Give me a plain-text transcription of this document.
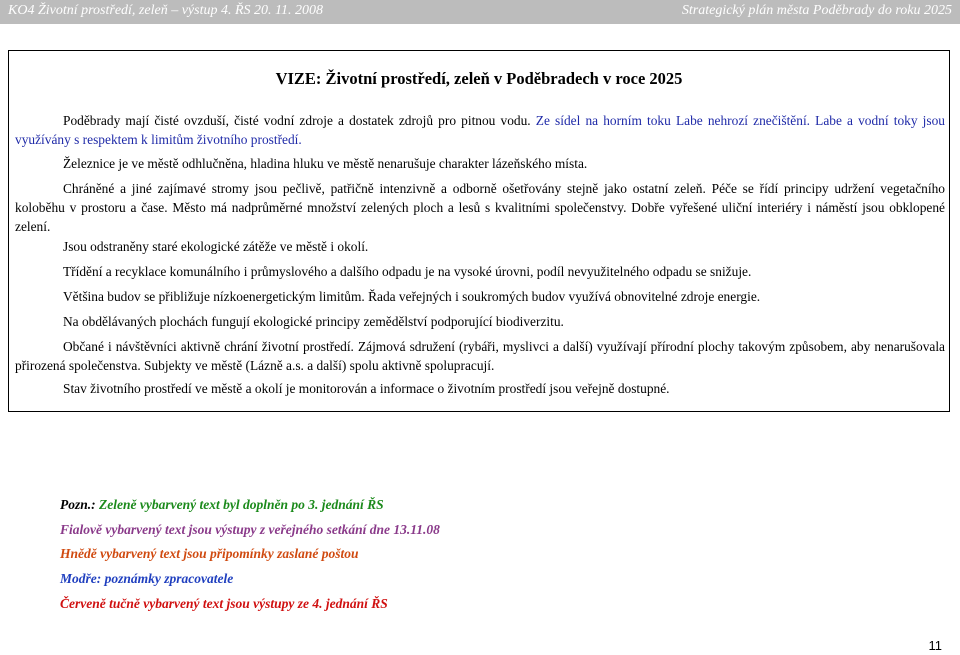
KO4 Životní prostředí, zeleň – výstup 4. ŘS 20. 11. 2008	Strategický plán města Poděbrady do roku 2025
VIZE: Životní prostředí, zeleň v Poděbradech v roce 2025
Poděbrady mají čisté ovzduší, čisté vodní zdroje a dostatek zdrojů pro pitnou vodu. Ze sídel na horním toku Labe nehrozí znečištění. Labe a vodní toky jsou využívány s respektem k limitům životního prostředí.
Železnice je ve městě odhlučněna, hladina hluku ve městě nenarušuje charakter lázeňského místa.
Chráněné a jiné zajímavé stromy jsou pečlivě, patřičně intenzivně a odborně ošetřovány stejně jako ostatní zeleň. Péče se řídí principy udržení vegetačního koloběhu v prostoru a čase. Město má nadprůměrné množství zelených ploch a lesů s kvalitními společenstvy. Dobře vyřešené uliční interiéry i náměstí jsou obklopené zelení.
Jsou odstraněny staré ekologické zátěže ve městě i okolí.
Třídění a recyklace komunálního i průmyslového a dalšího odpadu je na vysoké úrovni, podíl nevyužitelného odpadu se snižuje.
Většina budov se přibližuje nízkoenergetickým limitům. Řada veřejných i soukromých budov využívá obnovitelné zdroje energie.
Na obdělávaných plochách fungují ekologické principy zemědělství podporující biodiverzitu.
Občané i návštěvníci aktivně chrání životní prostředí. Zájmová sdružení (rybáři, myslivci a další) využívají přírodní plochy takovým způsobem, aby nenarušovala přirozená společenstva. Subjekty ve městě (Lázně a.s. a další) spolu aktivně spolupracují.
Stav životního prostředí ve městě a okolí je monitorován a informace o životním prostředí jsou veřejně dostupné.
Pozn.: Zeleně vybarvený text byl doplněn po 3. jednání ŘS
Fialově vybarvený text jsou výstupy z veřejného setkání dne 13.11.08
Hnědě vybarvený text jsou připomínky zaslané poštou
Modře: poznámky zpracovatele
Červeně tučně vybarvený text jsou výstupy ze 4. jednání ŘS
11
